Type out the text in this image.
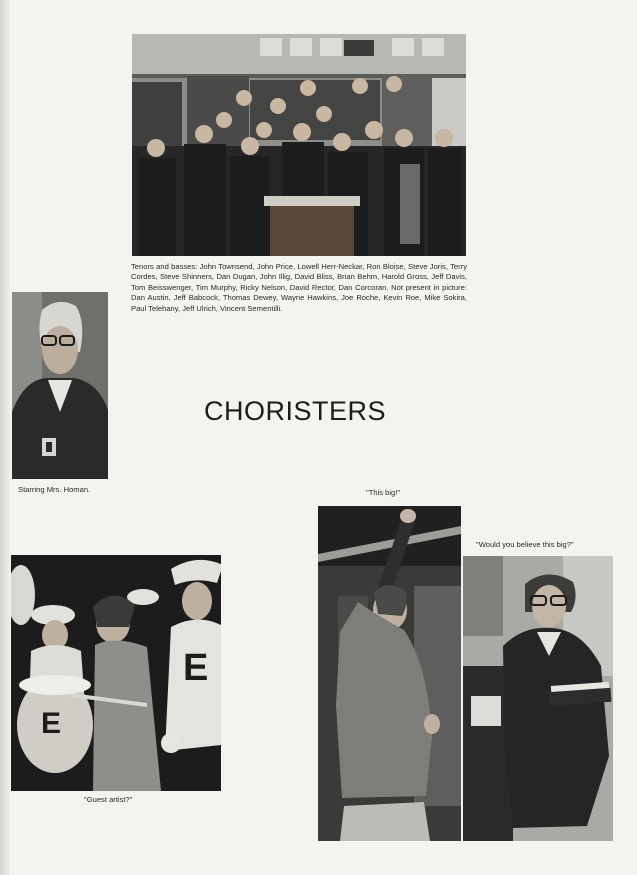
Tenors and basses: John Townsend, John Price, Lowell Herr-Neckar, Ron Bloise, Steve Joris, Terry Cordes, Steve Shinners, Dan Dugan, John Illig, David Bliss, Brian Behm, Harold Gross, Jeff Davis, Tom Beisswenger, Tim Murphy, Ricky Nelson, David Rector, Dan Corcoran. Not present in picture: Dan Austin, Jeff Babcock, Thomas Dewey, Wayne Hawkins, Joe Roche, Kevin Roe, Mike Sokira, Paul Telehany, Jeff Ulrich, Vincent Sementilli.
Starring Mrs. Homan.
CHORISTERS
"This big!"
"Would you believe this big?"
E
E
"Guest artist?"
